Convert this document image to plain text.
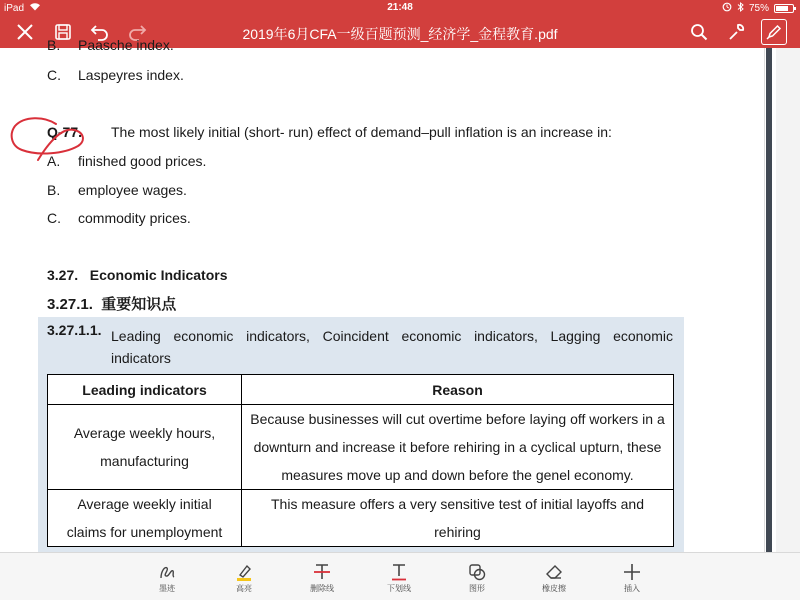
iPad	21:48	75%
2019年6月CFA一级百题预测_经济学_金程教育.pdf
B. Paasche index.
C. Laspeyres index.
Q-77. The most likely initial (short- run) effect of demand–pull inflation is an increase in:
A. finished good prices.
B. employee wages.
C. commodity prices.
3.27.   Economic Indicators
3.27.1.  重要知识点
3.27.1.1. Leading economic indicators, Coincident economic indicators, Lagging economic
indicators
Leading indicators	Reason
Average weekly hours, manufacturing	Because businesses will cut overtime before laying off workers in a downturn and increase it before rehiring in a cyclical upturn, these measures move up and down before the genel economy.
Average weekly initial claims for unemployment	This measure offers a very sensitive test of initial layoffs and rehiring
墨迹	高亮	删除线	下划线	图形	橡皮擦	插入
